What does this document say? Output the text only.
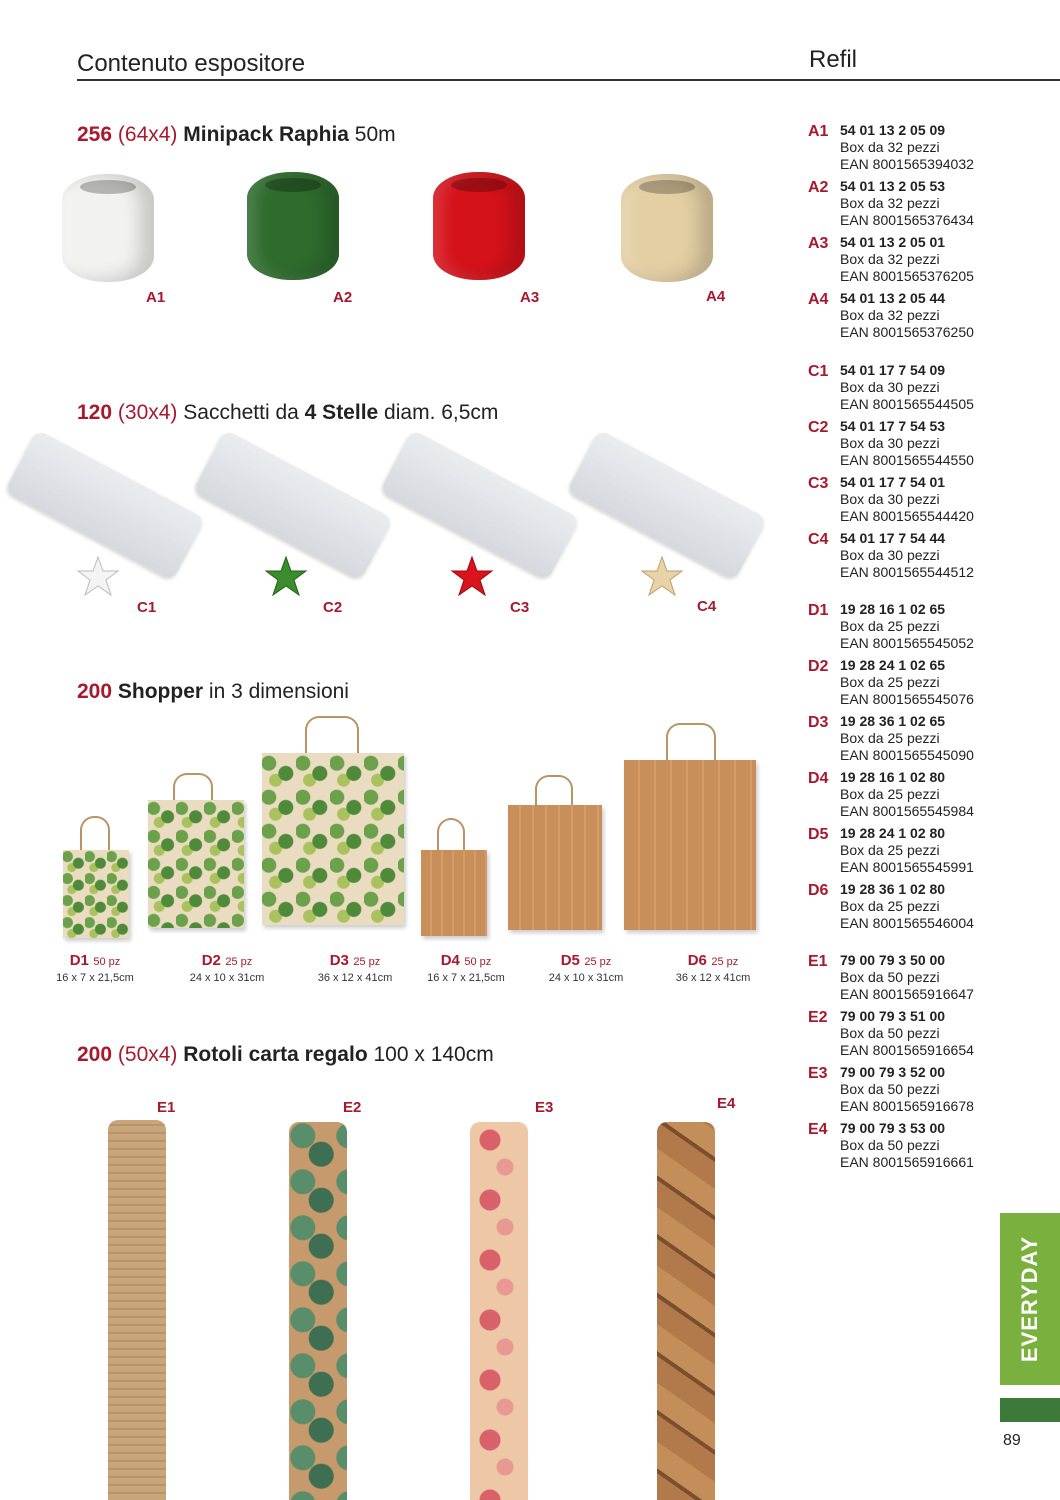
Contenuto espositore	Refil
256 (64x4) Minipack Raphia 50m
A1	A2	A3	A4
120 (30x4) Sacchetti da 4 Stelle diam. 6,5cm
C1	C2	C3	C4
200 Shopper in 3 dimensioni
D1 50 pz
16 x 7 x 21,5cm
D2 25 pz
24 x 10 x 31cm
D3 25 pz
36 x 12 x 41cm
D4 50 pz
16 x 7 x 21,5cm
D5 25 pz
24 x 10 x 31cm
D6 25 pz
36 x 12 x 41cm
200 (50x4) Rotoli carta regalo 100 x 140cm
E1	E2	E3	E4
A1 54 01 13 2 05 09
Box da 32 pezzi
EAN 8001565394032
A2 54 01 13 2 05 53
Box da 32 pezzi
EAN 8001565376434
A3 54 01 13 2 05 01
Box da 32 pezzi
EAN 8001565376205
A4 54 01 13 2 05 44
Box da 32 pezzi
EAN 8001565376250
C1 54 01 17 7 54 09
Box da 30 pezzi
EAN 8001565544505
C2 54 01 17 7 54 53
Box da 30 pezzi
EAN 8001565544550
C3 54 01 17 7 54 01
Box da 30 pezzi
EAN 8001565544420
C4 54 01 17 7 54 44
Box da 30 pezzi
EAN 8001565544512
D1 19 28 16 1 02 65
Box da 25 pezzi
EAN 8001565545052
D2 19 28 24 1 02 65
Box da 25 pezzi
EAN 8001565545076
D3 19 28 36 1 02 65
Box da 25 pezzi
EAN 8001565545090
D4 19 28 16 1 02 80
Box da 25 pezzi
EAN 8001565545984
D5 19 28 24 1 02 80
Box da 25 pezzi
EAN 8001565545991
D6 19 28 36 1 02 80
Box da 25 pezzi
EAN 8001565546004
E1 79 00 79 3 50 00
Box da 50 pezzi
EAN 8001565916647
E2 79 00 79 3 51 00
Box da 50 pezzi
EAN 8001565916654
E3 79 00 79 3 52 00
Box da 50 pezzi
EAN 8001565916678
E4 79 00 79 3 53 00
Box da 50 pezzi
EAN 8001565916661
EVERYDAY
89
